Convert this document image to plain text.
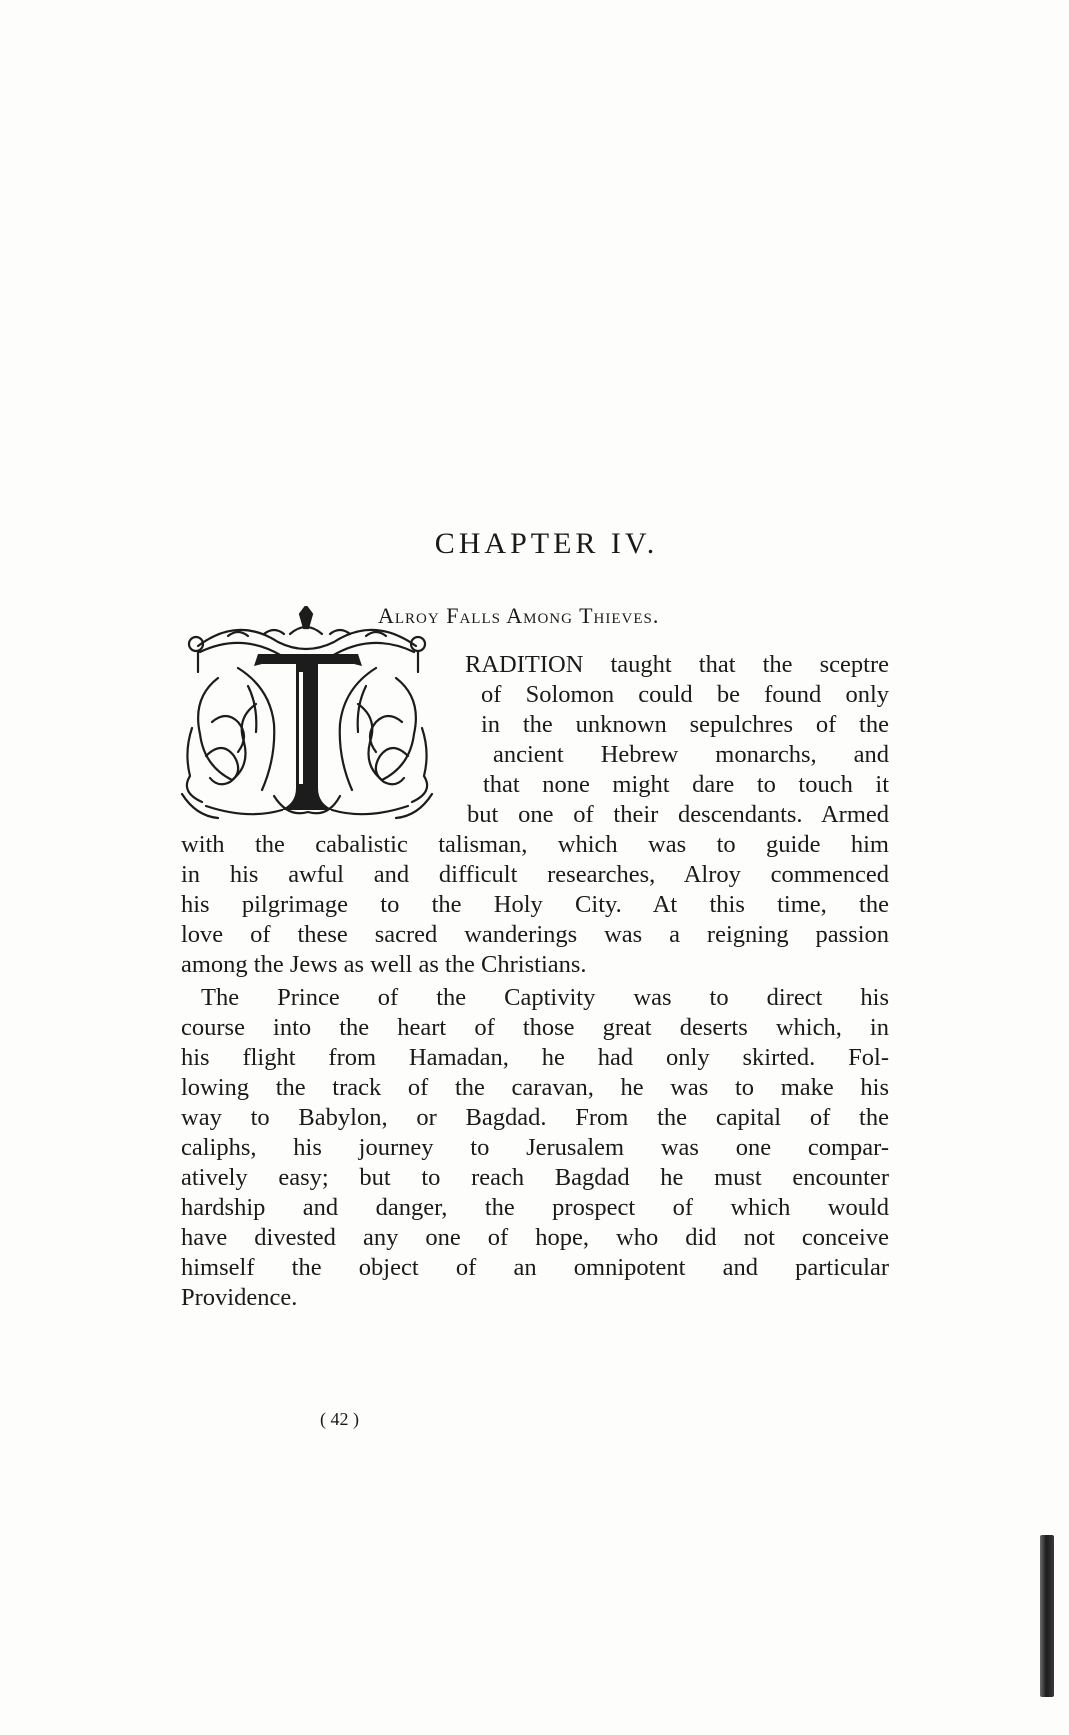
CHAPTER IV.
Alroy Falls Among Thieves.
RADITION taught that the sceptre
of Solomon could be found only
in the unknown sepulchres of the
ancient Hebrew monarchs, and
that none might dare to touch it
but one of their descendants. Armed
with the cabalistic talisman, which was to guide him
in his awful and difficult researches, Alroy commenced
his pilgrimage to the Holy City. At this time, the
love of these sacred wanderings was a reigning passion
among the Jews as well as the Christians.
The Prince of the Captivity was to direct his
course into the heart of those great deserts which, in
his flight from Hamadan, he had only skirted. Fol-
lowing the track of the caravan, he was to make his
way to Babylon, or Bagdad. From the capital of the
caliphs, his journey to Jerusalem was one compar-
atively easy; but to reach Bagdad he must encounter
hardship and danger, the prospect of which would
have divested any one of hope, who did not conceive
himself the object of an omnipotent and particular
Providence.
( 42 )
